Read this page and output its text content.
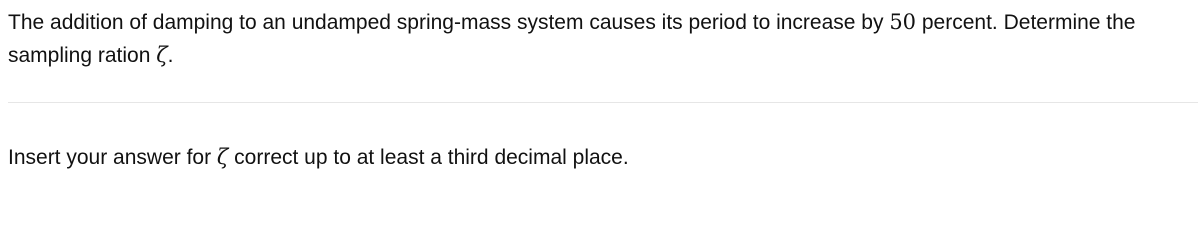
The addition of damping to an undamped spring-mass system causes its period to increase by 50 percent. Determine the sampling ration ζ.
Insert your answer for ζ correct up to at least a third decimal place.
